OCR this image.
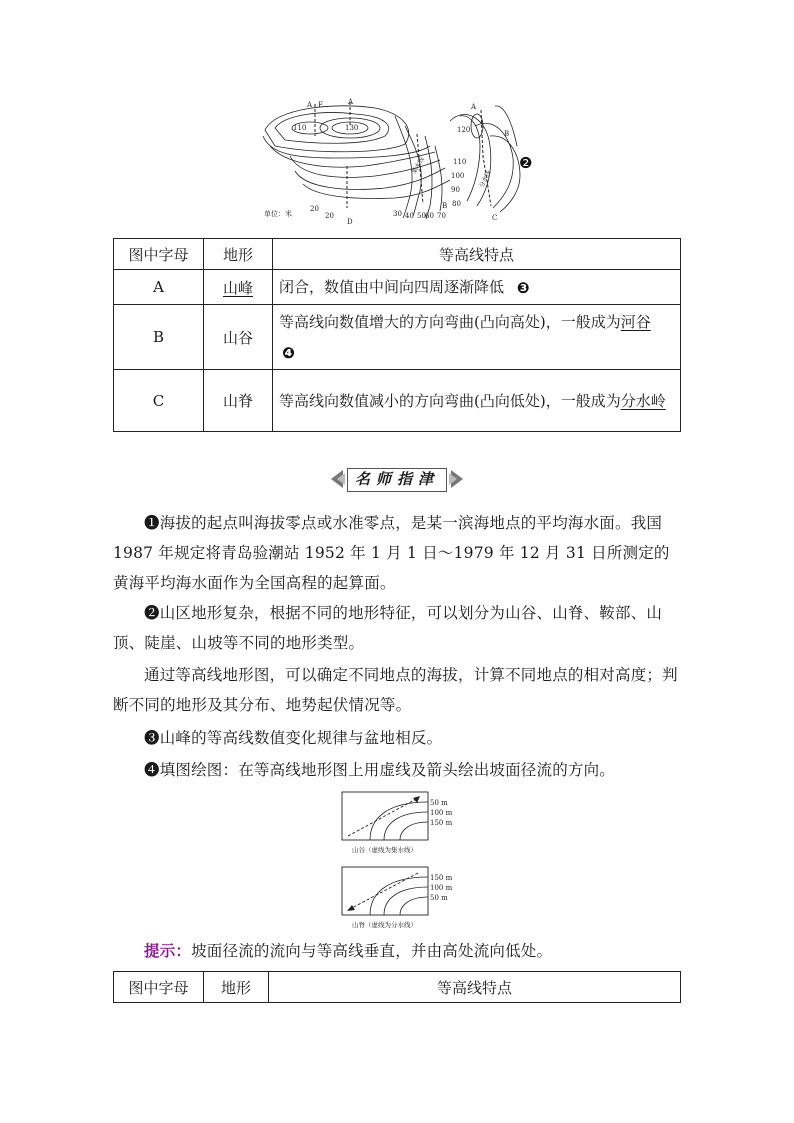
A E	A
A
B
B
C
D
110	130	120
110
100
90
80
70
60
50
40
30
20
20
单位：米
集水线
分水线
❷
图中字母	地形	等高线特点
A	山峰	闭合，数值由中间向四周逐渐降低 ❸
B	山谷	等高线向数值增大的方向弯曲(凸向高处)，一般成为河谷
❹
C	山脊	等高线向数值减小的方向弯曲(凸向低处)，一般成为分水岭
名师指津
❶海拔的起点叫海拔零点或水准零点，是某一滨海地点的平均海水面。我国 1987 年规定将青岛验潮站 1952 年 1 月 1 日～1979 年 12 月 31 日所测定的黄海平均海水面作为全国高程的起算面。
❷山区地形复杂，根据不同的地形特征，可以划分为山谷、山脊、鞍部、山顶、陡崖、山坡等不同的地形类型。
通过等高线地形图，可以确定不同地点的海拔，计算不同地点的相对高度；判断不同的地形及其分布、地势起伏情况等。
❸山峰的等高线数值变化规律与盆地相反。
❹填图绘图：在等高线地形图上用虚线及箭头绘出坡面径流的方向。
50 m
100 m
150 m
山谷（虚线为集水线）
150 m
100 m
50 m
山脊（虚线为分水线）
提示：坡面径流的流向与等高线垂直，并由高处流向低处。
图中字母	地形	等高线特点
